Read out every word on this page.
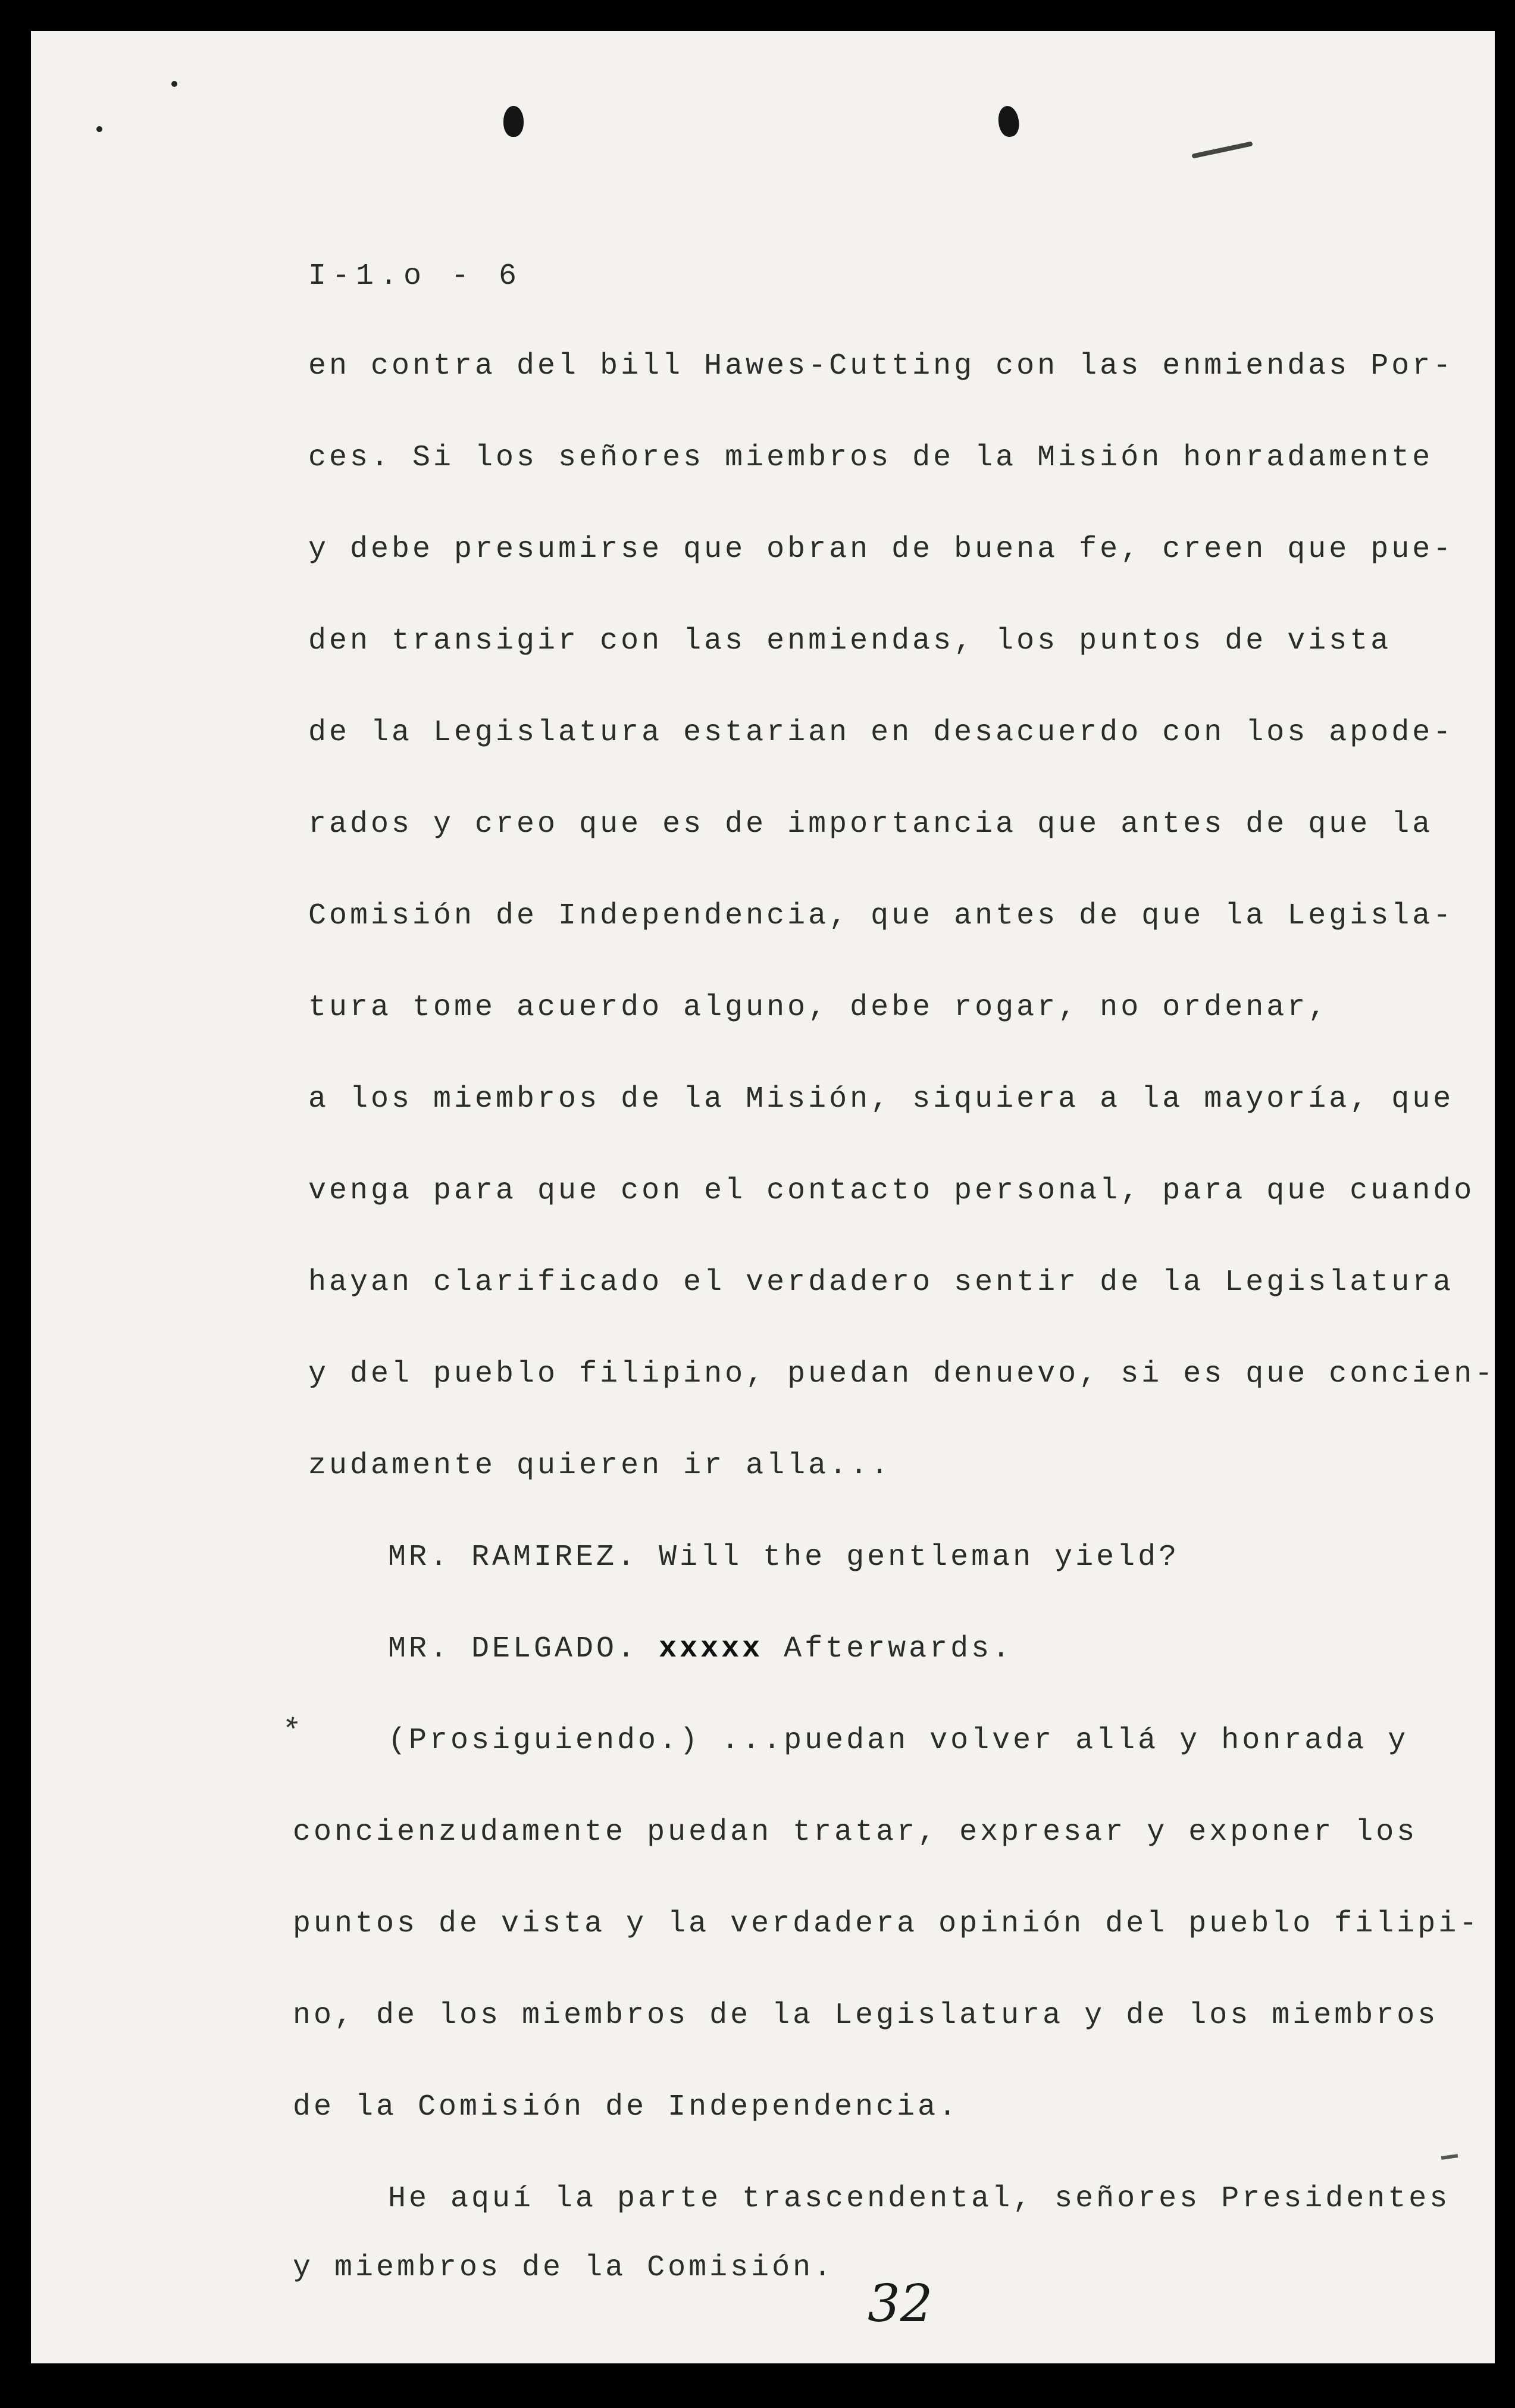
I-1.o - 6

en contra del bill Hawes-Cutting con las enmiendas Por-

ces. Si los señores miembros de la Misión honradamente

y debe presumirse que obran de buena fe, creen que pue-

den transigir con las enmiendas, los puntos de vista

de la Legislatura estarian en desacuerdo con los apode-

rados y creo que es de importancia que antes de que la

Comisión de Independencia, que antes de que la Legisla-

tura tome acuerdo alguno, debe rogar, no ordenar,

a los miembros de la Misión, siquiera a la mayoría, que

venga para que con el contacto personal, para que cuando

hayan clarificado el verdadero sentir de la Legislatura

y del pueblo filipino, puedan denuevo, si es que concien-

zudamente quieren ir alla...

MR. RAMIREZ. Will the gentleman yield?

MR. DELGADO. xxxxx Afterwards.

*	(Prosiguiendo.) ...puedan volver allá y honrada y

concienzudamente puedan tratar, expresar y exponer los

puntos de vista y la verdadera opinión del pueblo filipi-

no, de los miembros de la Legislatura y de los miembros

de la Comisión de Independencia.

He aquí la parte trascendental, señores Presidentes

y miembros de la Comisión.

32
